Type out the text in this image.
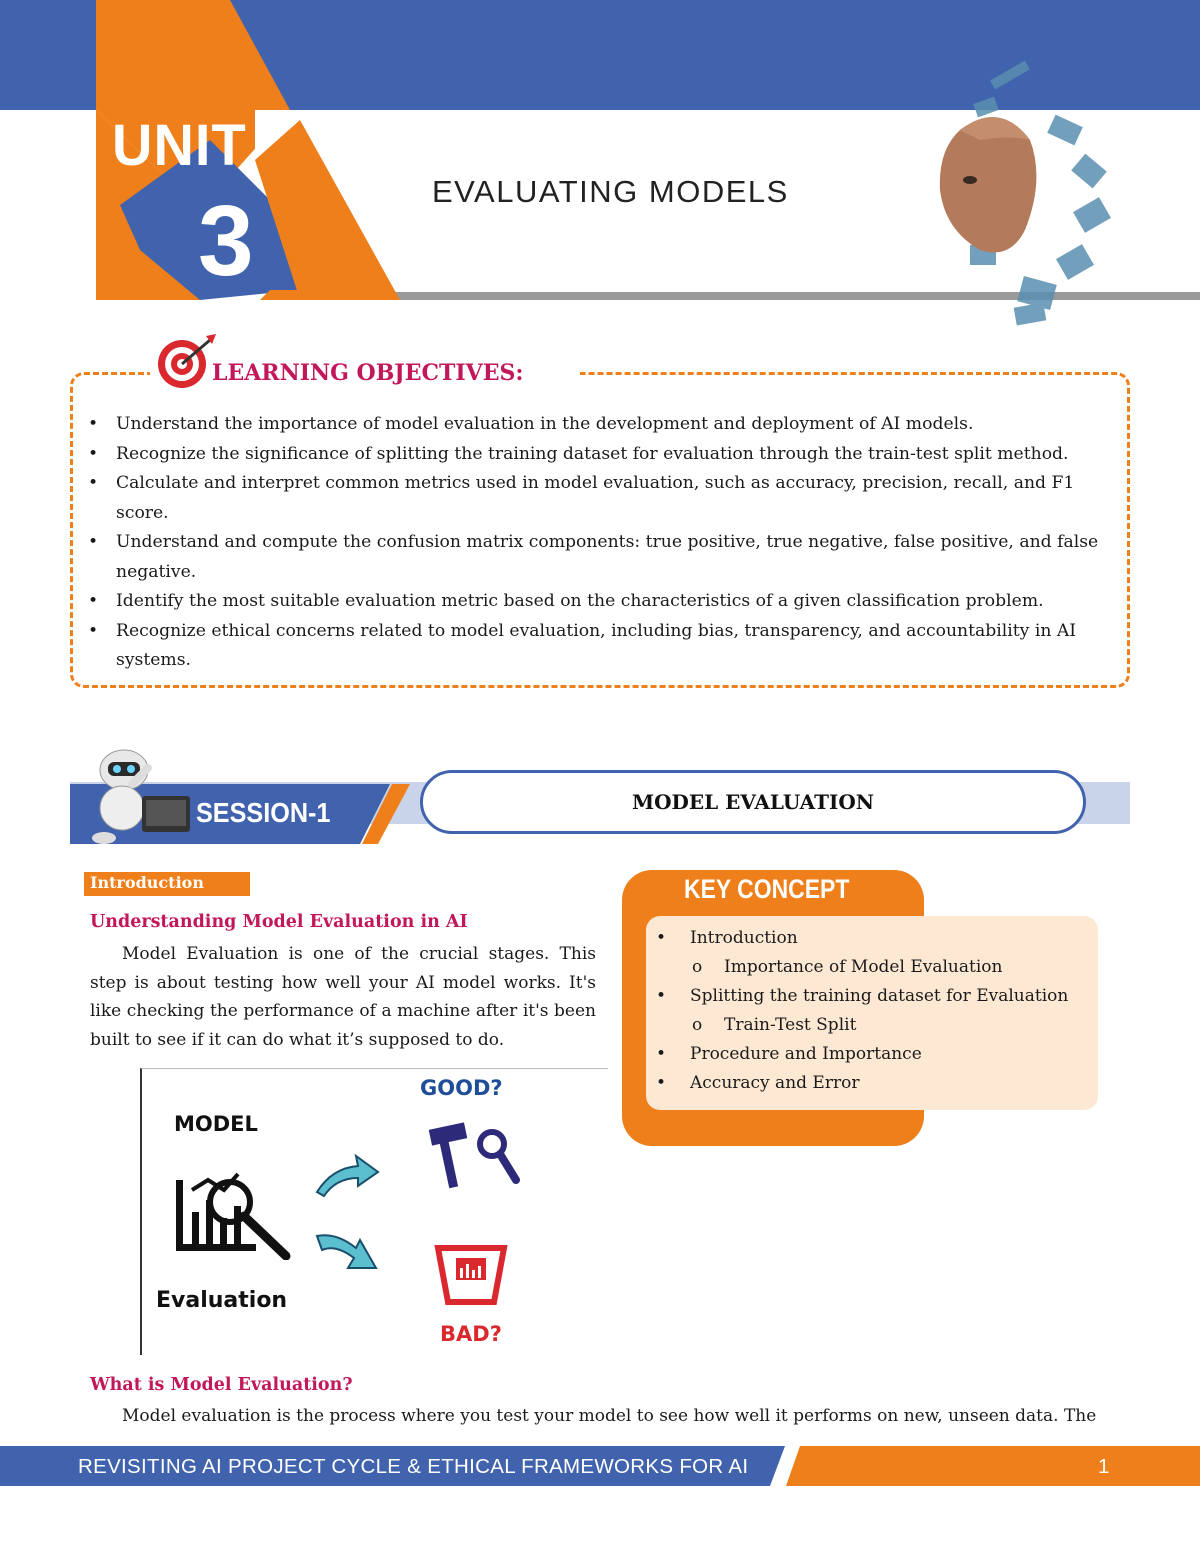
UNIT
3	EVALUATING MODELS
LEARNING OBJECTIVES:
• Understand the importance of model evaluation in the development and deployment of AI models.
• Recognize the significance of splitting the training dataset for evaluation through the train-test split method.
• Calculate and interpret common metrics used in model evaluation, such as accuracy, precision, recall, and F1 score.
• Understand and compute the confusion matrix components: true positive, true negative, false positive, and false negative.
• Identify the most suitable evaluation metric based on the characteristics of a given classification problem.
• Recognize ethical concerns related to model evaluation, including bias, transparency, and accountability in AI systems.
SESSION-1	MODEL EVALUATION
Introduction
Understanding Model Evaluation in AI

Model Evaluation is one of the crucial stages. This step is about testing how well your AI model works. It's like checking the performance of a machine after it's been built to see if it can do what it’s supposed to do.

MODEL
Evaluation
GOOD?
BAD?
KEY CONCEPT
• Introduction
o Importance of Model Evaluation
• Splitting the training dataset for Evaluation
o Train-Test Split
• Procedure and Importance
• Accuracy and Error
What is Model Evaluation?

Model evaluation is the process where you test your model to see how well it performs on new, unseen data. The

REVISITING AI PROJECT CYCLE & ETHICAL FRAMEWORKS FOR AI	1
